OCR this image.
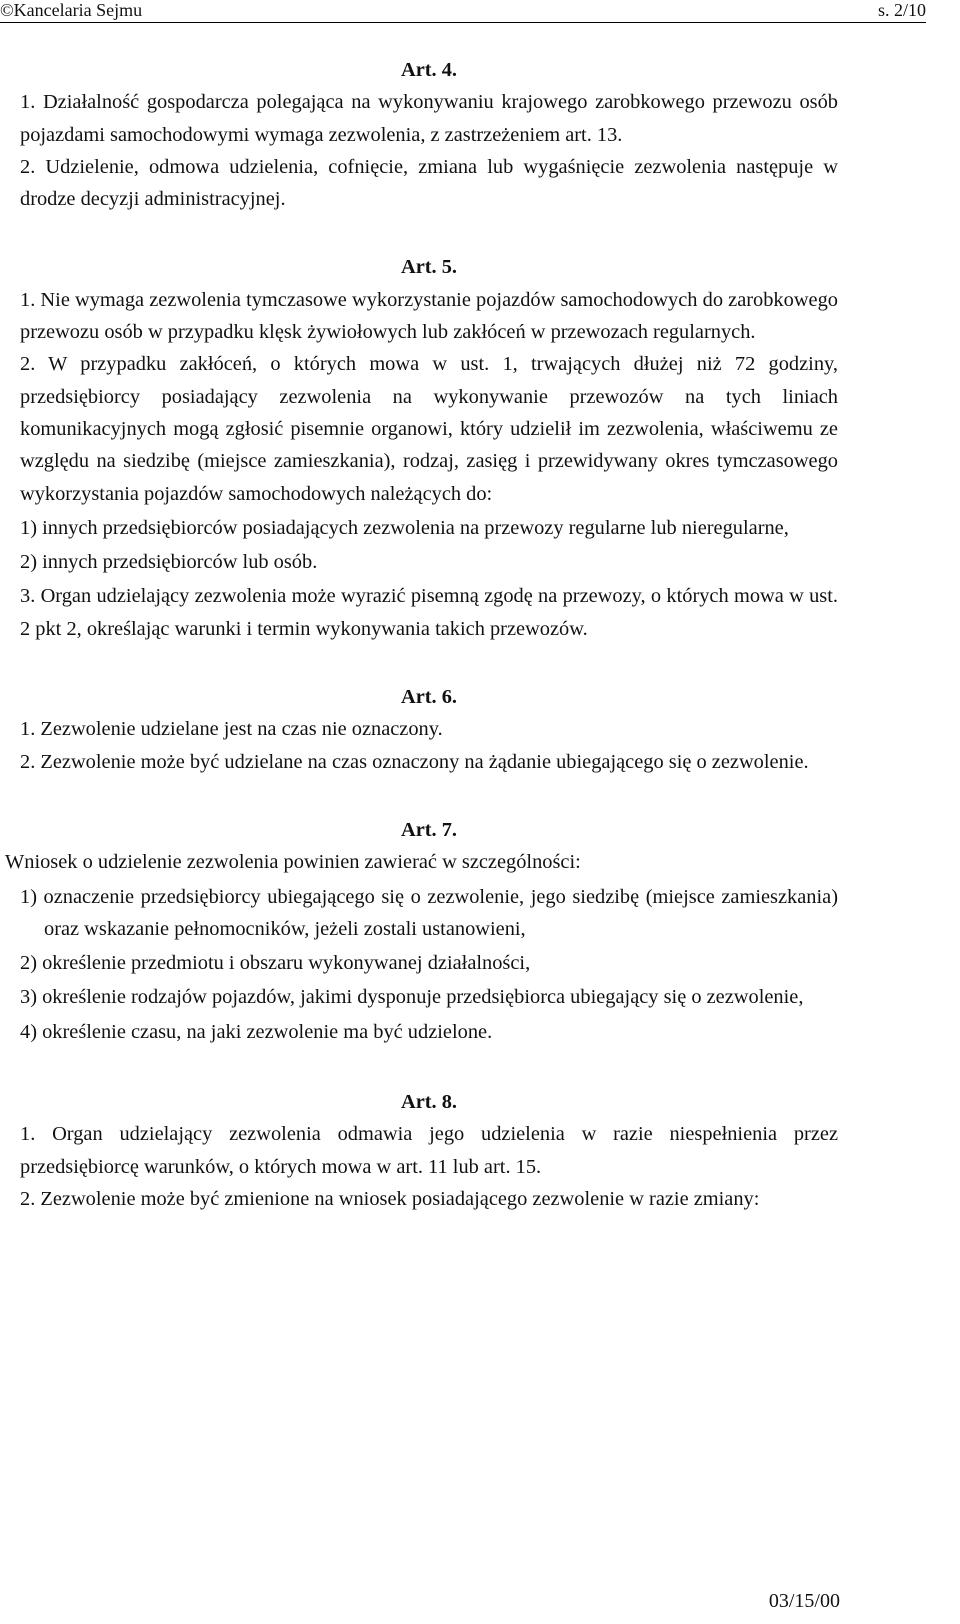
©Kancelaria Sejmu	s. 2/10
Art. 4.
1. Działalność gospodarcza polegająca na wykonywaniu krajowego zarobkowego przewozu osób pojazdami samochodowymi wymaga zezwolenia, z zastrzeżeniem art. 13.
2. Udzielenie, odmowa udzielenia, cofnięcie, zmiana lub wygaśnięcie zezwolenia następuje w drodze decyzji administracyjnej.
Art. 5.
1. Nie wymaga zezwolenia tymczasowe wykorzystanie pojazdów samochodowych do zarobkowego przewozu osób w przypadku klęsk żywiołowych lub zakłóceń w przewozach regularnych.
2. W przypadku zakłóceń, o których mowa w ust. 1, trwających dłużej niż 72 godziny, przedsiębiorcy posiadający zezwolenia na wykonywanie przewozów na tych liniach komunikacyjnych mogą zgłosić pisemnie organowi, który udzielił im zezwolenia, właściwemu ze względu na siedzibę (miejsce zamieszkania), rodzaj, zasięg i przewidywany okres tymczasowego wykorzystania pojazdów samochodowych należących do:
1) innych przedsiębiorców posiadających zezwolenia na przewozy regularne lub nieregularne,
2) innych przedsiębiorców lub osób.
3. Organ udzielający zezwolenia może wyrazić pisemną zgodę na przewozy, o których mowa w ust. 2 pkt 2, określając warunki i termin wykonywania takich przewozów.
Art. 6.
1. Zezwolenie udzielane jest na czas nie oznaczony.
2. Zezwolenie może być udzielane na czas oznaczony na żądanie ubiegającego się o zezwolenie.
Art. 7.
Wniosek o udzielenie zezwolenia powinien zawierać w szczególności:
1) oznaczenie przedsiębiorcy ubiegającego się o zezwolenie, jego siedzibę (miejsce zamieszkania) oraz wskazanie pełnomocników, jeżeli zostali ustanowieni,
2) określenie przedmiotu i obszaru wykonywanej działalności,
3) określenie rodzajów pojazdów, jakimi dysponuje przedsiębiorca ubiegający się o zezwolenie,
4) określenie czasu, na jaki zezwolenie ma być udzielone.
Art. 8.
1. Organ udzielający zezwolenia odmawia jego udzielenia w razie niespełnienia przez przedsiębiorcę warunków, o których mowa w art. 11 lub art. 15.
2. Zezwolenie może być zmienione na wniosek posiadającego zezwolenie w razie zmiany:
03/15/00
